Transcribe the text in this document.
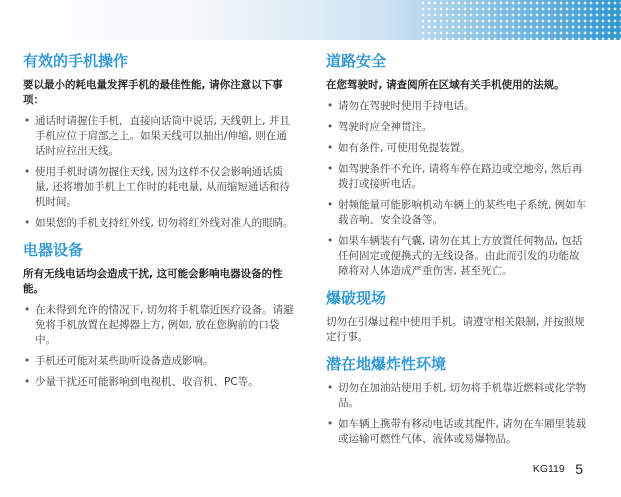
有效的手机操作

要以最小的耗电量发挥手机的最佳性能, 请你注意以下事项：

• 通话时请握住手机，直接向话筒中说话, 天线朝上, 并且手机应位于肩部之上。如果天线可以抽出/伸缩, 则在通话时应拉出天线。
• 使用手机时请勿握住天线, 因为这样不仅会影响通话质量, 还将增加手机上工作时的耗电量, 从而缩短通话和待机时间。
• 如果您的手机支持红外线, 切勿将红外线对准人的眼睛。
电器设备

所有无线电话均会造成干扰, 这可能会影响电器设备的性能。

• 在未得到允许的情况下, 切勿将手机靠近医疗设备。请避免将手机放置在起搏器上方, 例如, 放在您胸前的口袋中。
• 手机还可能对某些助听设备造成影响。
• 少量干扰还可能影响到电视机、收音机、PC等。
道路安全

在您驾驶时, 请查阅所在区域有关手机使用的法规。

• 请勿在驾驶时使用手持电话。
• 驾驶时应全神贯注。
• 如有条件, 可使用免提装置。
• 如驾驶条件不允许, 请将车停在路边或空地旁, 然后再拨打或接听电话。
• 射频能量可能影响机动车辆上的某些电子系统, 例如车载音响、安全设备等。
• 如果车辆装有气囊, 请勿在其上方放置任何物品, 包括任何固定或便携式的无线设备。由此而引发的功能故障将对人体造成严重伤害, 甚至死亡。
爆破现场

切勿在引爆过程中使用手机。请遵守相关限制, 并按照规定行事。

潜在地爆炸性环境
• 切勿在加油站使用手机, 切勿将手机靠近燃料或化学物品。
• 如车辆上携带有移动电话或其配件, 请勿在车厢里装载或运输可燃性气体、液体或易爆物品。
KG119 5
